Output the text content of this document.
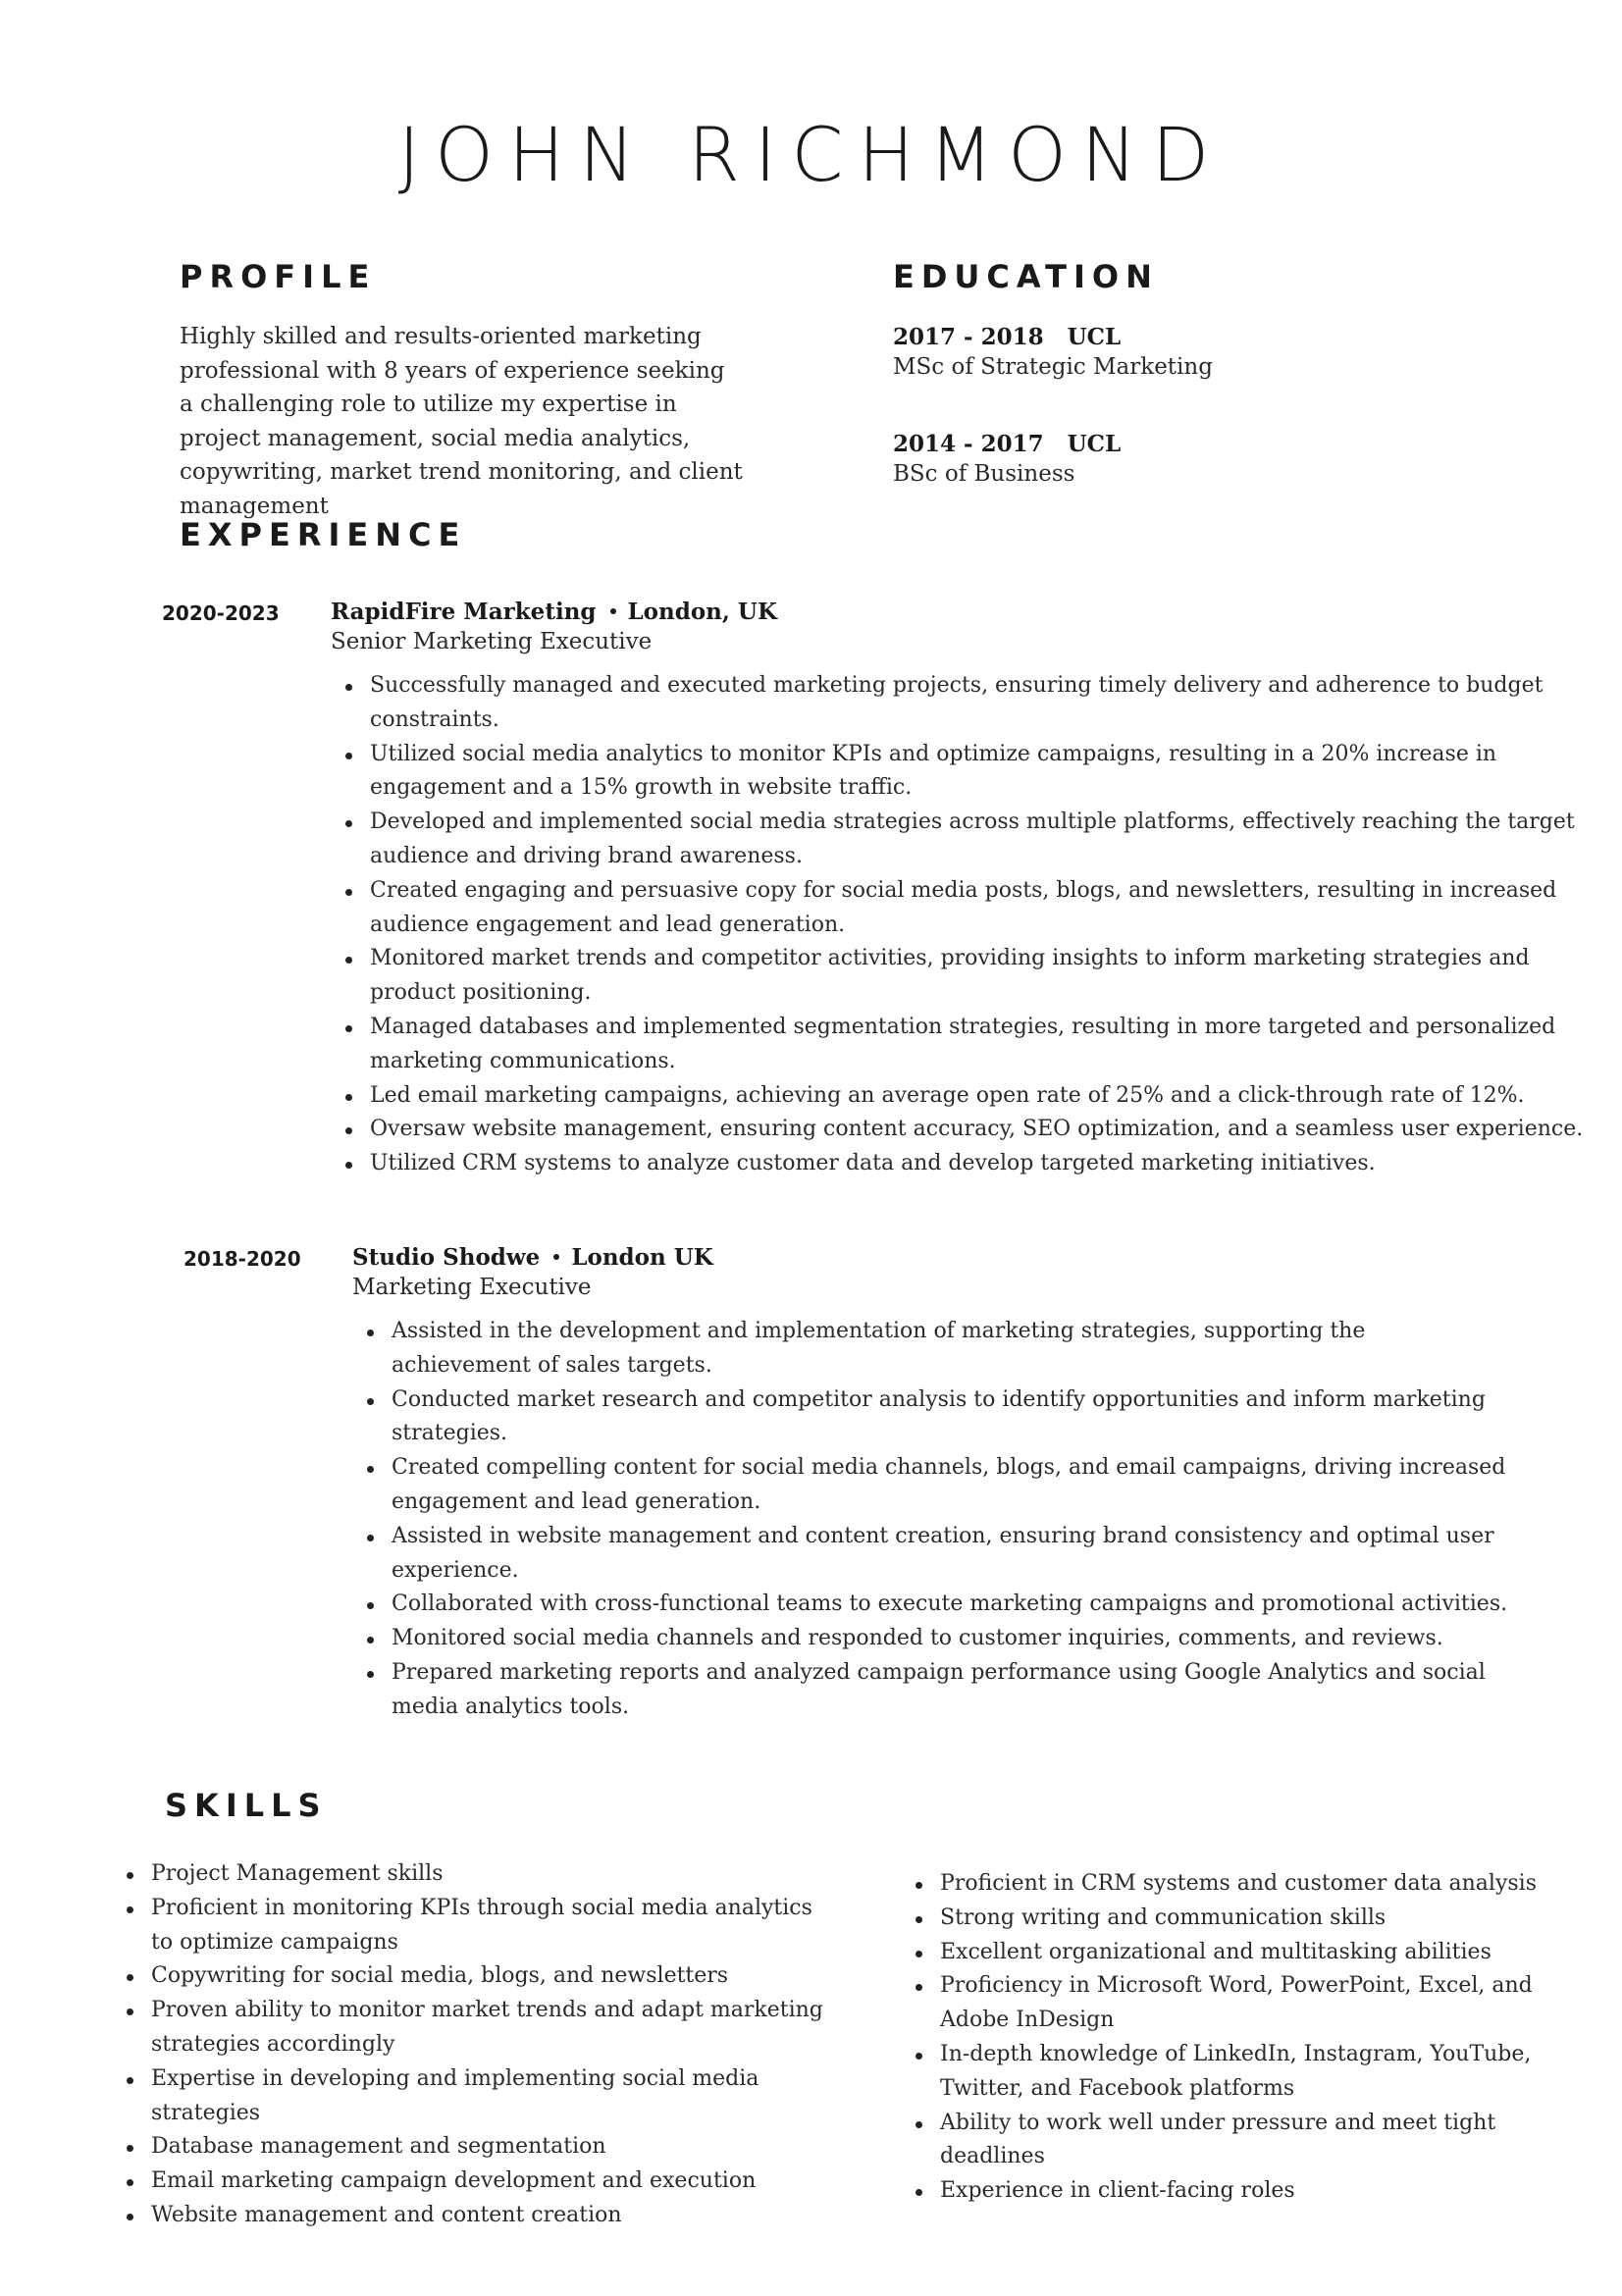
JOHN RICHMOND
PROFILE
Highly skilled and results-oriented marketing professional with 8 years of experience seeking a challenging role to utilize my expertise in project management, social media analytics, copywriting, market trend monitoring, and client management
EDUCATION
2017 - 2018 UCL
MSc of Strategic Marketing
2014 - 2017 UCL
BSc of Business
EXPERIENCE
2020-2023 RapidFire Marketing London, UK
Senior Marketing Executive
Successfully managed and executed marketing projects, ensuring timely delivery and adherence to budget constraints.
Utilized social media analytics to monitor KPIs and optimize campaigns, resulting in a 20% increase in engagement and a 15% growth in website traffic.
Developed and implemented social media strategies across multiple platforms, effectively reaching the target audience and driving brand awareness.
Created engaging and persuasive copy for social media posts, blogs, and newsletters, resulting in increased audience engagement and lead generation.
Monitored market trends and competitor activities, providing insights to inform marketing strategies and product positioning.
Managed databases and implemented segmentation strategies, resulting in more targeted and personalized marketing communications.
Led email marketing campaigns, achieving an average open rate of 25% and a click-through rate of 12%.
Oversaw website management, ensuring content accuracy, SEO optimization, and a seamless user experience.
Utilized CRM systems to analyze customer data and develop targeted marketing initiatives.
2018-2020 Studio Shodwe London UK
Marketing Executive
Assisted in the development and implementation of marketing strategies, supporting the achievement of sales targets.
Conducted market research and competitor analysis to identify opportunities and inform marketing strategies.
Created compelling content for social media channels, blogs, and email campaigns, driving increased engagement and lead generation.
Assisted in website management and content creation, ensuring brand consistency and optimal user experience.
Collaborated with cross-functional teams to execute marketing campaigns and promotional activities.
Monitored social media channels and responded to customer inquiries, comments, and reviews.
Prepared marketing reports and analyzed campaign performance using Google Analytics and social media analytics tools.
SKILLS
Project Management skills
Proficient in monitoring KPIs through social media analytics to optimize campaigns
Copywriting for social media, blogs, and newsletters
Proven ability to monitor market trends and adapt marketing strategies accordingly
Expertise in developing and implementing social media strategies
Database management and segmentation
Email marketing campaign development and execution
Website management and content creation
Proficient in CRM systems and customer data analysis
Strong writing and communication skills
Excellent organizational and multitasking abilities
Proficiency in Microsoft Word, PowerPoint, Excel, and Adobe InDesign
In-depth knowledge of LinkedIn, Instagram, YouTube, Twitter, and Facebook platforms
Ability to work well under pressure and meet tight deadlines
Experience in client-facing roles
